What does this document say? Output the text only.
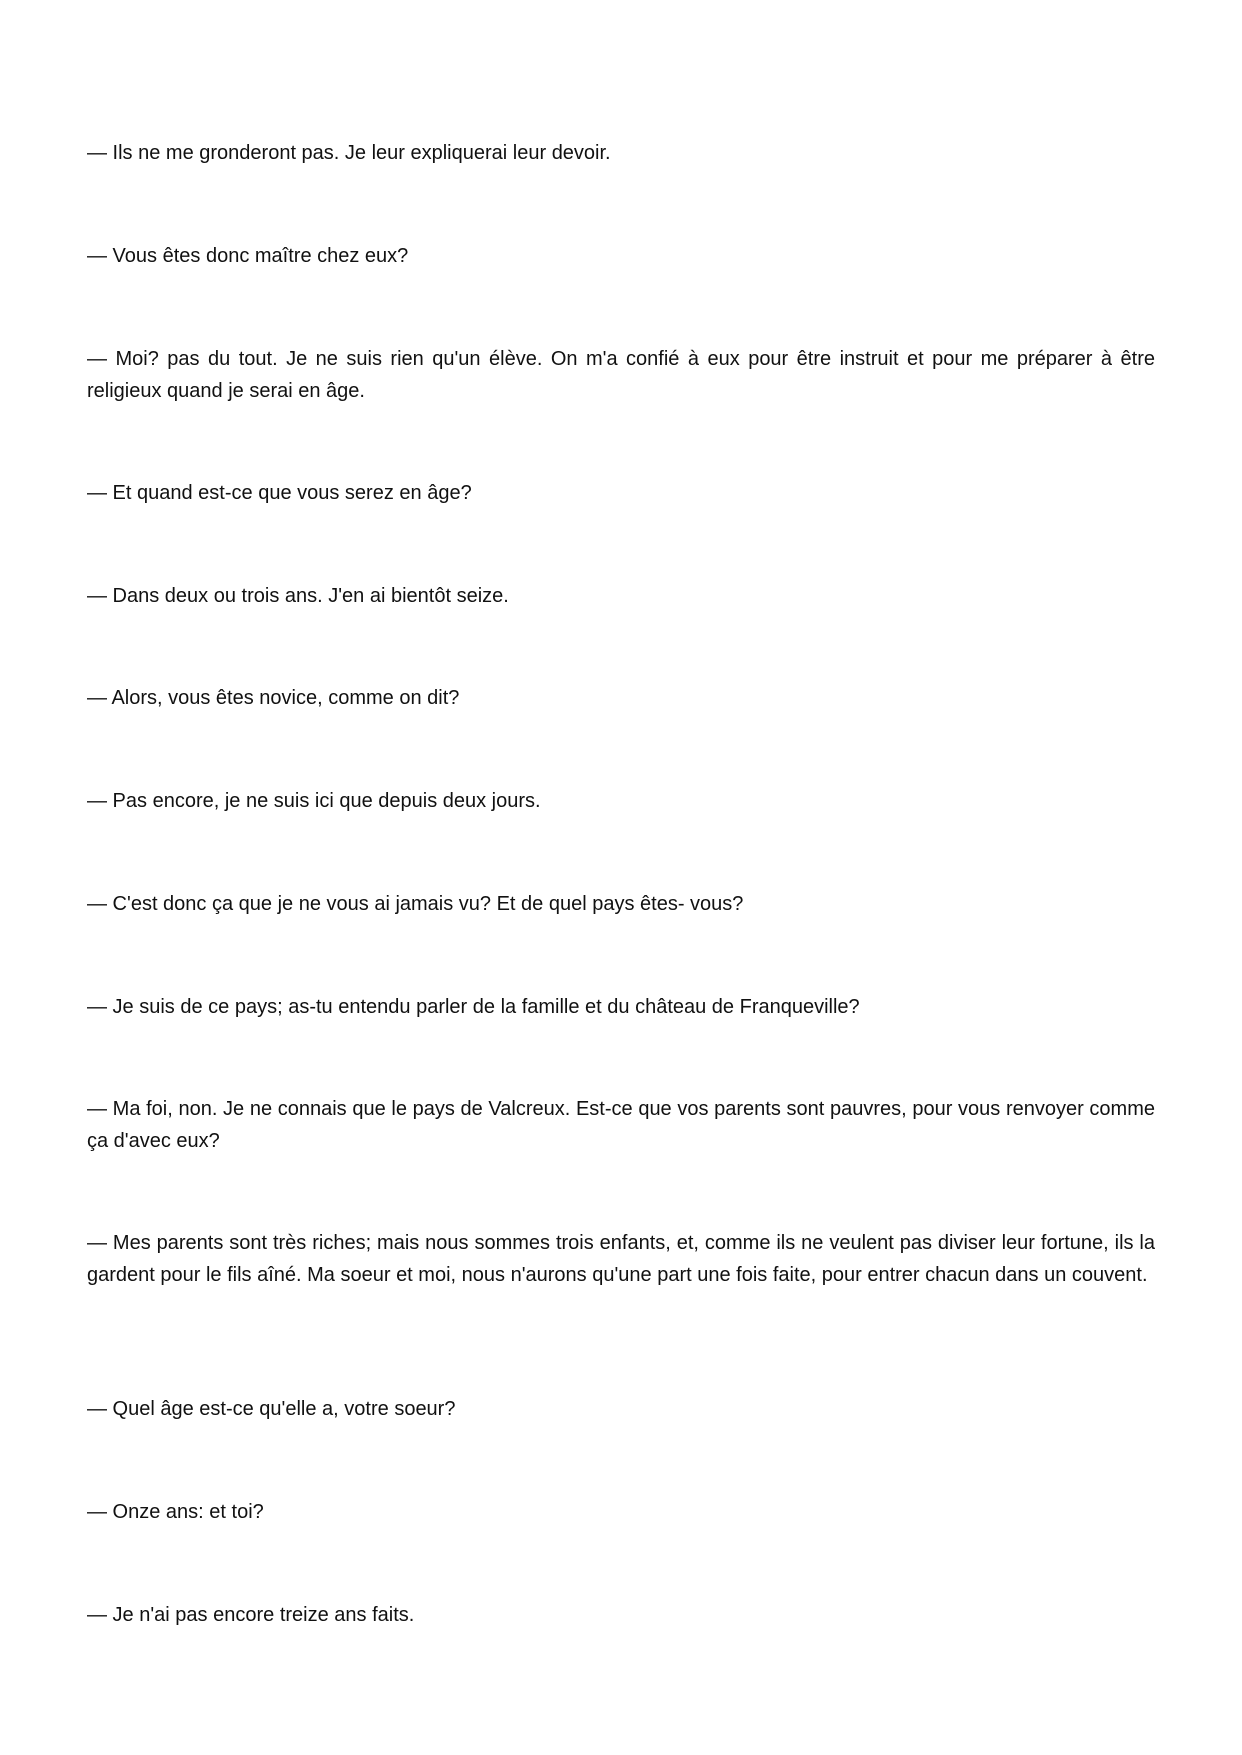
— Ils ne me gronderont pas. Je leur expliquerai leur devoir.

— Vous êtes donc maître chez eux?

— Moi? pas du tout. Je ne suis rien qu'un élève. On m'a confié à eux pour être instruit et pour me préparer à être religieux quand je serai en âge.

— Et quand est-ce que vous serez en âge?

— Dans deux ou trois ans. J'en ai bientôt seize.

— Alors, vous êtes novice, comme on dit?

— Pas encore, je ne suis ici que depuis deux jours.

— C'est donc ça que je ne vous ai jamais vu? Et de quel pays êtes- vous?

— Je suis de ce pays; as-tu entendu parler de la famille et du château de Franqueville?

— Ma foi, non. Je ne connais que le pays de Valcreux. Est-ce que vos parents sont pauvres, pour vous renvoyer comme ça d'avec eux?

— Mes parents sont très riches; mais nous sommes trois enfants, et, comme ils ne veulent pas diviser leur fortune, ils la gardent pour le fils aîné. Ma soeur et moi, nous n'aurons qu'une part une fois faite, pour entrer chacun dans un couvent.

— Quel âge est-ce qu'elle a, votre soeur?

— Onze ans: et toi?

— Je n'ai pas encore treize ans faits.
